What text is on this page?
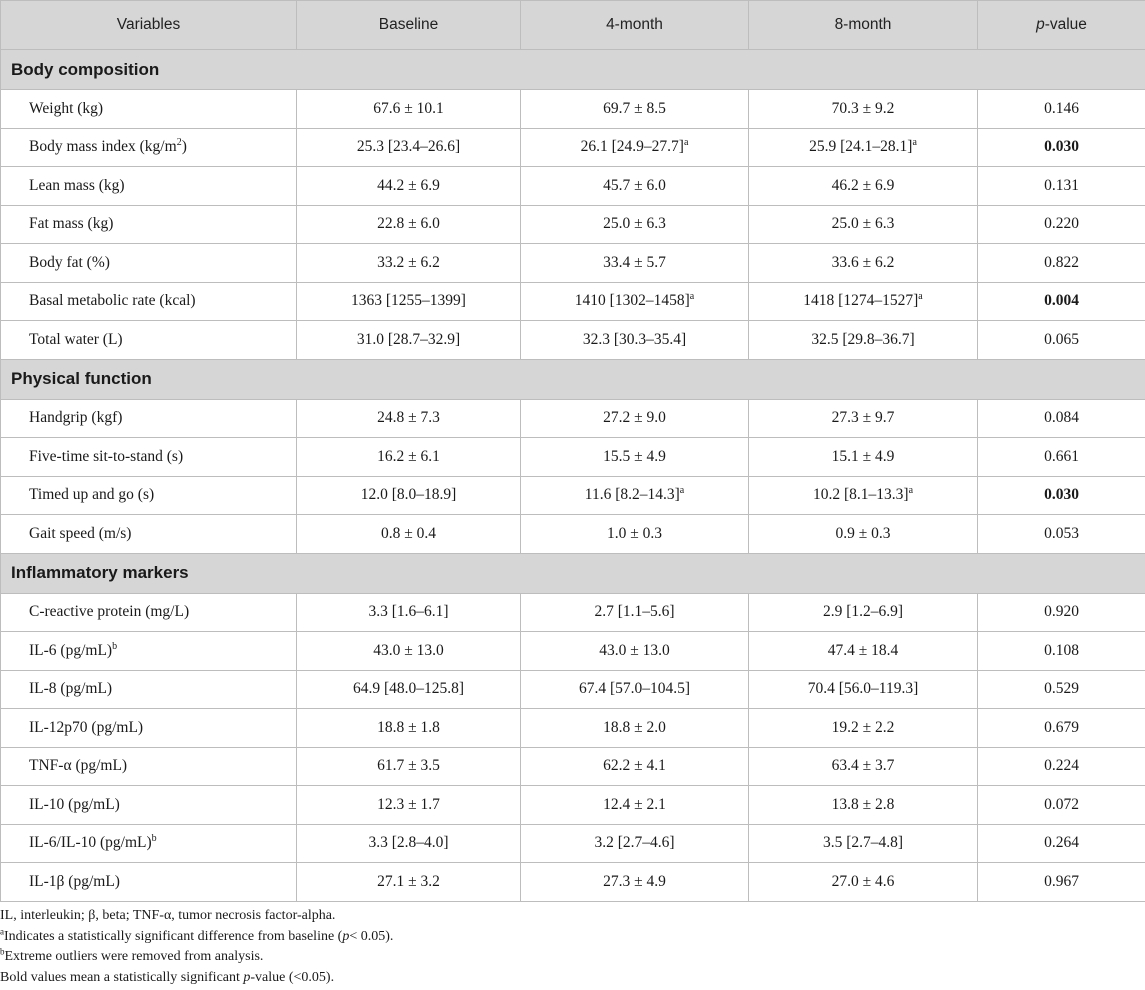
Variables	Baseline	4-month	8-month	p-value
Body composition				
Weight (kg)	67.6 ± 10.1	69.7 ± 8.5	70.3 ± 9.2	0.146
Body mass index $(kg/m^2)$	25.3 [23.4–26.6]	26.1 $[24.9-27.7]^a$	25.9 $[24.1-28.1]^a$	0.030
Lean mass (kg)	44.2 ± 6.9	45.7 ± 6.0	46.2 ± 6.9	0.131
Fat mass (kg)	22.8 ± 6.0	25.0 ± 6.3	25.0 ± 6.3	0.220
Body fat (%)	33.2 ± 6.2	33.4 ± 5.7	33.6 ± 6.2	0.822
Basal metabolic rate (kcal)	1363 [1255–1399]	1410 [1302–1458]$^a$	1418 [1274–1527]$^a$	0.004
Total water (L)	31.0 [28.7–32.9]	32.3 [30.3–35.4]	32.5 [29.8–36.7]	0.065
Physical function				
Handgrip (kgf)	24.8 ± 7.3	27.2 ± 9.0	27.3 ± 9.7	0.084
Five-time sit-to-stand (s)	16.2 ± 6.1	15.5 ± 4.9	15.1 ± 4.9	0.661
Timed up and go (s)	12.0 [8.0–18.9]	11.6 $[8.2-14.3]^a$	10.2 $[8.1-13.3]^a$	0.030
Gait speed (m/s)	0.8 ± 0.4	1.0 ± 0.3	0.9 ± 0.3	0.053
Inflammatory markers				
C-reactive protein (mg/L)	3.3 [1.6–6.1]	2.7 [1.1–5.6]	2.9 [1.2–6.9]	0.920
IL-6 $(pg/mL)^b$	43.0 ± 13.0	43.0 ± 13.0	47.4 ± 18.4	0.108
IL-8 (pg/mL)	64.9 [48.0–125.8]	67.4 [57.0–104.5]	70.4 [56.0–119.3]	0.529
IL-12p70 (pg/mL)	18.8 ± 1.8	18.8 ± 2.0	19.2 ± 2.2	0.679
TNF-α (pg/mL)	61.7 ± 3.5	62.2 ± 4.1	63.4 ± 3.7	0.224
IL-10 (pg/mL)	12.3 ± 1.7	12.4 ± 2.1	13.8 ± 2.8	0.072
IL-6/IL-10 $(pg/mL)^b$	3.3 [2.8–4.0]	3.2 [2.7–4.6]	3.5 [2.7–4.8]	0.264
IL-1β (pg/mL)	27.1 ± 3.2	27.3 ± 4.9	27.0 ± 4.6	0.967
IL, interleukin; β, beta; TNF-α, tumor necrosis factor-alpha.
$^a$Indicates a statistically significant difference from baseline (p< 0.05).
$^b$Extreme outliers were removed from analysis.
Bold values mean a statistically significant p-value (<0.05).
